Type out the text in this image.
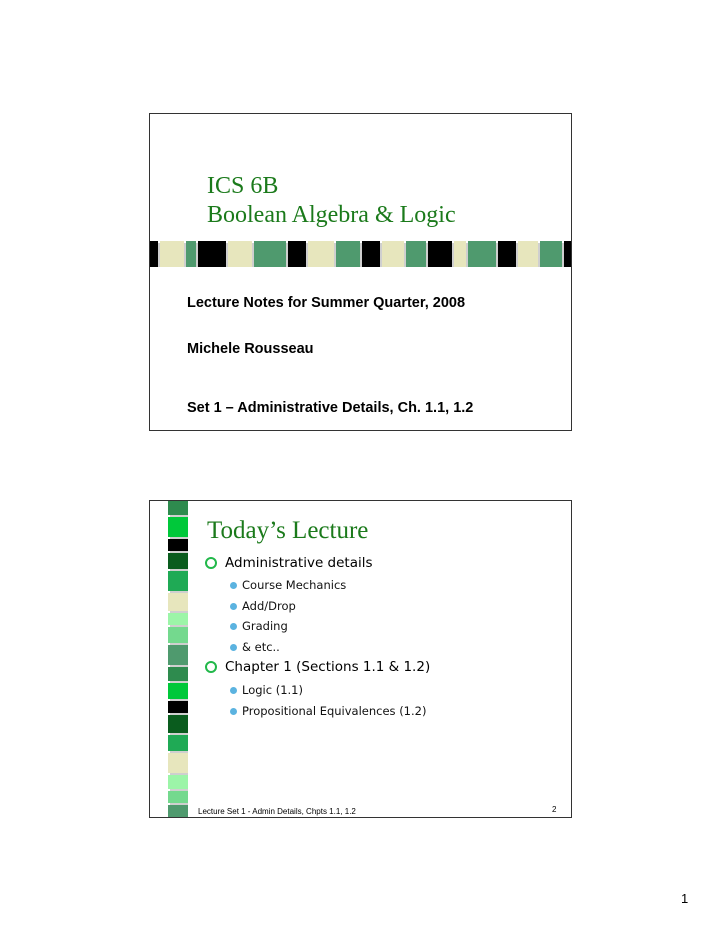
ICS 6B
Boolean Algebra & Logic
Lecture Notes for Summer Quarter, 2008
Michele Rousseau
Set 1 – Administrative Details, Ch. 1.1, 1.2
Today’s Lecture
Administrative details
Course Mechanics
Add/Drop
Grading
& etc..
Chapter 1 (Sections 1.1 & 1.2)
Logic (1.1)
Propositional Equivalences (1.2)
Lecture Set 1 - Admin Details, Chpts 1.1, 1.2	2
1
